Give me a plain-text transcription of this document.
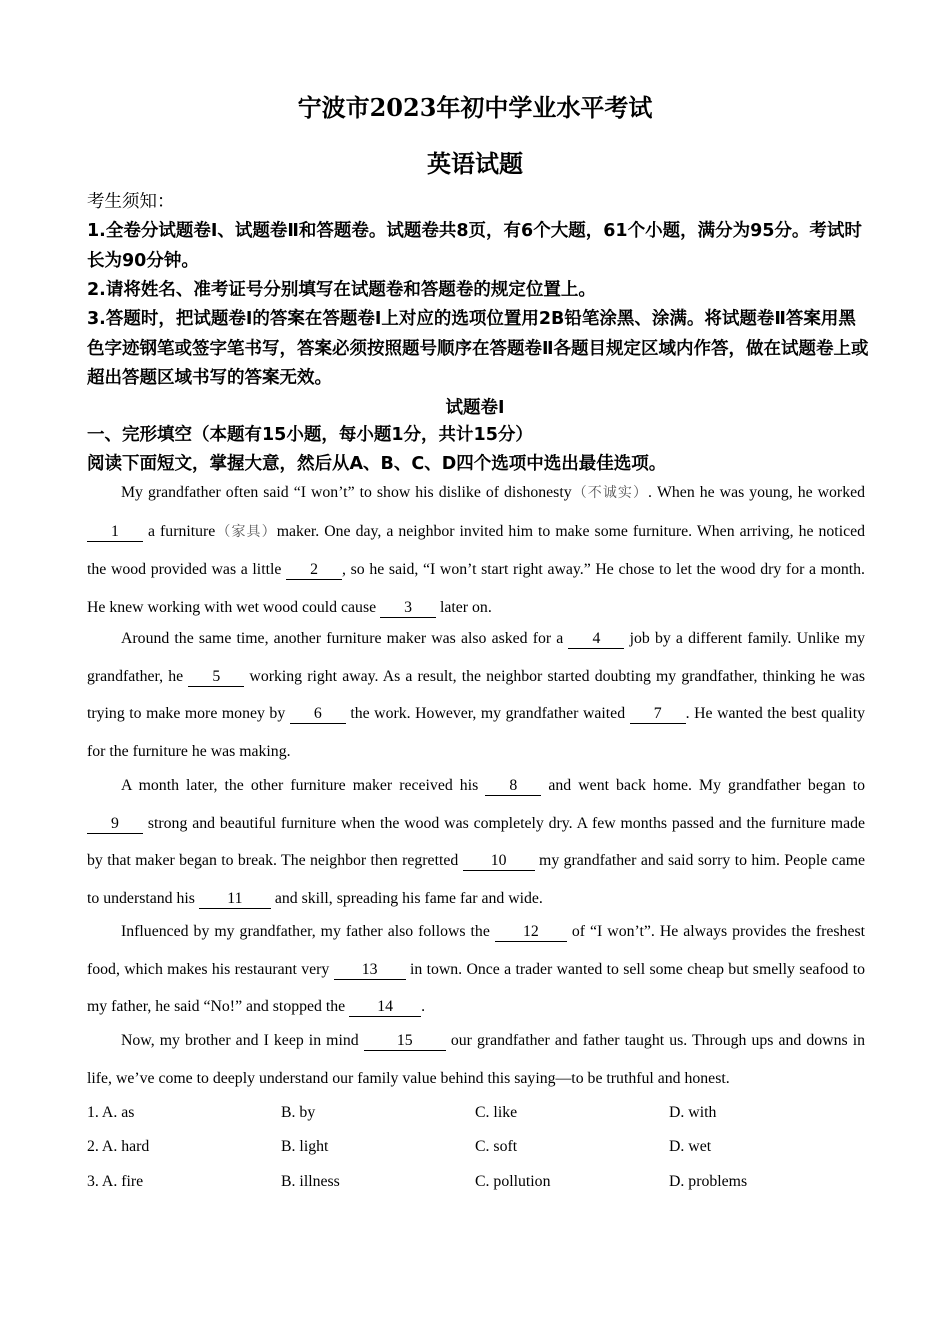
宁波市2023年初中学业水平考试
英语试题
考生须知：
1.全卷分试题卷Ⅰ、试题卷Ⅱ和答题卷。试题卷共8页，有6个大题，61个小题，满分为95分。考试时长为90分钟。
2.请将姓名、准考证号分别填写在试题卷和答题卷的规定位置上。
3.答题时，把试题卷Ⅰ的答案在答题卷Ⅰ上对应的选项位置用2B铅笔涂黑、涂满。将试题卷Ⅱ答案用黑色字迹钢笔或签字笔书写，答案必须按照题号顺序在答题卷Ⅱ各题目规定区域内作答，做在试题卷上或超出答题区域书写的答案无效。
试题卷Ⅰ
一、完形填空（本题有15小题，每小题1分，共计15分）
阅读下面短文，掌握大意，然后从A、B、C、D四个选项中选出最佳选项。
My grandfather often said “I won’t” to show his dislike of dishonesty（不诚实）. When he was young, he worked 1 a furniture（家具）maker. One day, a neighbor invited him to make some furniture. When arriving, he noticed the wood provided was a little 2 , so he said, “I won’t start right away.” He chose to let the wood dry for a month. He knew working with wet wood could cause 3 later on.
Around the same time, another furniture maker was also asked for a 4 job by a different family. Unlike my grandfather, he 5 working right away. As a result, the neighbor started doubting my grandfather, thinking he was trying to make more money by 6 the work. However, my grandfather waited 7 . He wanted the best quality for the furniture he was making.
A month later, the other furniture maker received his 8 and went back home. My grandfather began to 9 strong and beautiful furniture when the wood was completely dry. A few months passed and the furniture made by that maker began to break. The neighbor then regretted 10 my grandfather and said sorry to him. People came to understand his 11 and skill, spreading his fame far and wide.
Influenced by my grandfather, my father also follows the 12 of “I won’t”. He always provides the freshest food, which makes his restaurant very 13 in town. Once a trader wanted to sell some cheap but smelly seafood to my father, he said “No!” and stopped the 14 .
Now, my brother and I keep in mind 15 our grandfather and father taught us. Through ups and downs in life, we’ve come to deeply understand our family value behind this saying—to be truthful and honest.
1. A. as	B. by	C. like	D. with
2. A. hard	B. light	C. soft	D. wet
3. A. fire	B. illness	C. pollution	D. problems
